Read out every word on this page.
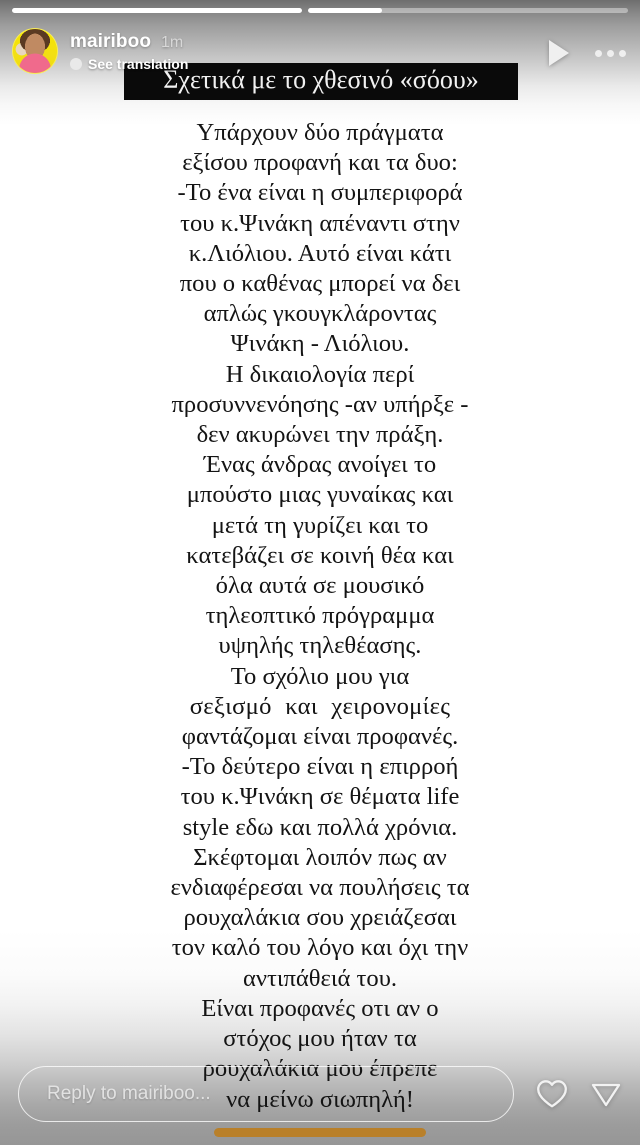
mairiboo 1m
See translation
Σχετικά με το χθεσινό «σόου»
Υπάρχουν δύο πράγματα
εξίσου προφανή και τα δυο:
-Το ένα είναι η συμπεριφορά
του κ.Ψινάκη απέναντι στην
κ.Λιόλιου. Αυτό είναι κάτι
που ο καθένας μπορεί να δει
απλώς γκουγκλάροντας
Ψινάκη - Λιόλιου.
Η δικαιολογία περί
προσυννενόησης -αν υπήρξε -
δεν ακυρώνει την πράξη.
Ένας άνδρας ανοίγει το
μπούστο μιας γυναίκας και
μετά τη γυρίζει και το
κατεβάζει σε κοινή θέα και
όλα αυτά σε μουσικό
τηλεοπτικό πρόγραμμα
υψηλής τηλεθέασης.
Το σχόλιο μου για
σεξισμό και χειρονομίες
φαντάζομαι είναι προφανές.
-Το δεύτερο είναι η επιρροή
του κ.Ψινάκη σε θέματα life
style εδω και πολλά χρόνια.
Σκέφτομαι λοιπόν πως αν
ενδιαφέρεσαι να πουλήσεις τα
ρουχαλάκια σου χρειάζεσαι
τον καλό του λόγο και όχι την
αντιπάθειά του.
Είναι προφανές οτι αν ο
στόχος μου ήταν τα
ρουχαλάκια μου έπρεπε
να μείνω σιωπηλή!
Reply to mairiboo...
